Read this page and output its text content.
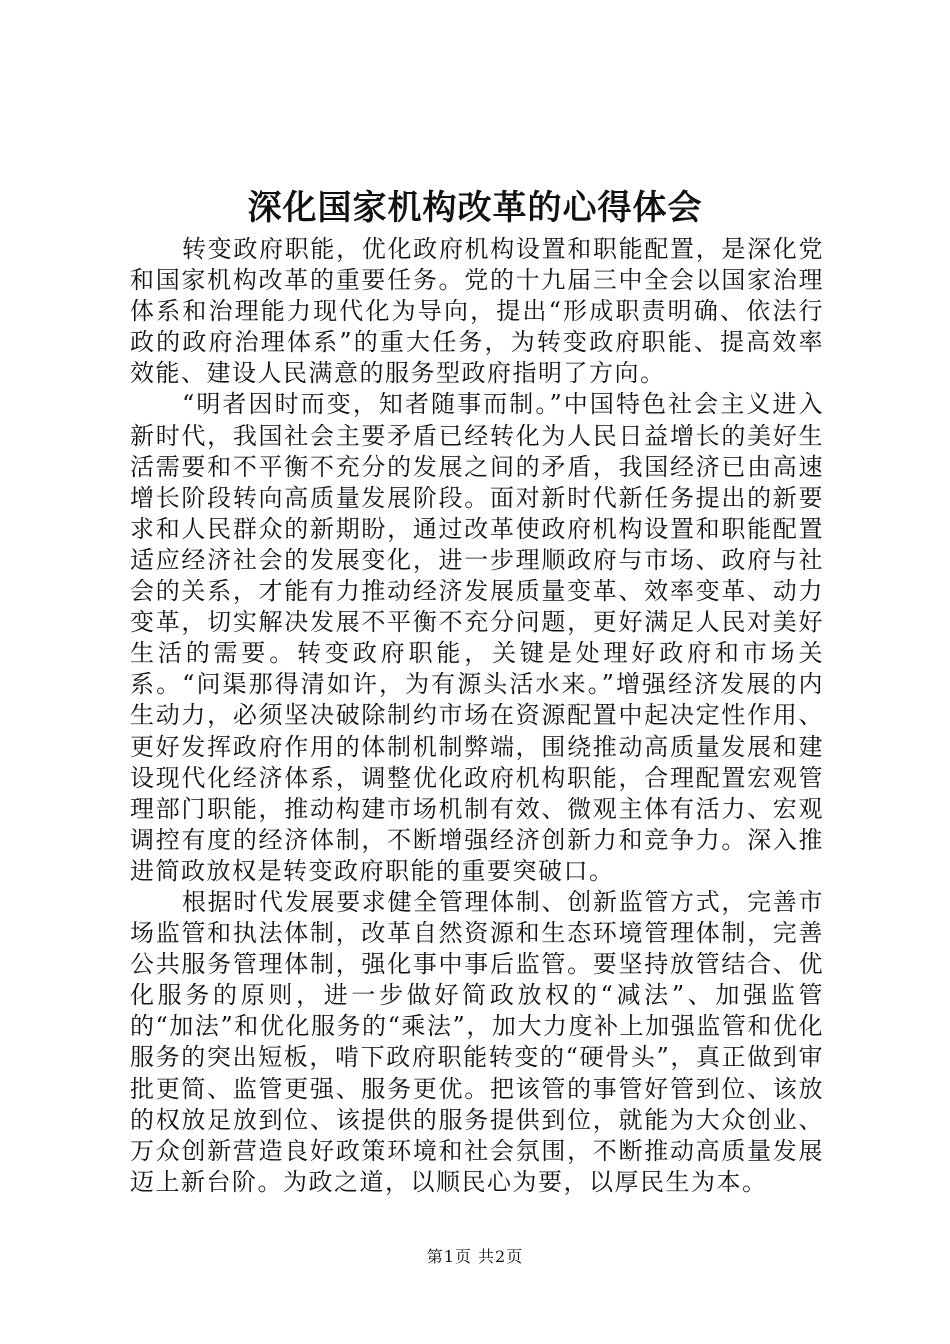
深化国家机构改革的心得体会

转变政府职能，优化政府机构设置和职能配置，是深化党和国家机构改革的重要任务。党的十九届三中全会以国家治理体系和治理能力现代化为导向，提出“形成职责明确、依法行政的政府治理体系”的重大任务，为转变政府职能、提高效率效能、建设人民满意的服务型政府指明了方向。

“明者因时而变，知者随事而制。”中国特色社会主义进入新时代，我国社会主要矛盾已经转化为人民日益增长的美好生活需要和不平衡不充分的发展之间的矛盾，我国经济已由高速增长阶段转向高质量发展阶段。面对新时代新任务提出的新要求和人民群众的新期盼，通过改革使政府机构设置和职能配置适应经济社会的发展变化，进一步理顺政府与市场、政府与社会的关系，才能有力推动经济发展质量变革、效率变革、动力变革，切实解决发展不平衡不充分问题，更好满足人民对美好生活的需要。转变政府职能，关键是处理好政府和市场关系。“问渠那得清如许，为有源头活水来。”增强经济发展的内生动力，必须坚决破除制约市场在资源配置中起决定性作用、更好发挥政府作用的体制机制弊端，围绕推动高质量发展和建设现代化经济体系，调整优化政府机构职能，合理配置宏观管理部门职能，推动构建市场机制有效、微观主体有活力、宏观调控有度的经济体制，不断增强经济创新力和竞争力。深入推进简政放权是转变政府职能的重要突破口。

根据时代发展要求健全管理体制、创新监管方式，完善市场监管和执法体制，改革自然资源和生态环境管理体制，完善公共服务管理体制，强化事中事后监管。要坚持放管结合、优化服务的原则，进一步做好简政放权的“减法”、加强监管的“加法”和优化服务的“乘法”，加大力度补上加强监管和优化服务的突出短板，啃下政府职能转变的“硬骨头”，真正做到审批更简、监管更强、服务更优。把该管的事管好管到位、该放的权放足放到位、该提供的服务提供到位，就能为大众创业、万众创新营造良好政策环境和社会氛围，不断推动高质量发展迈上新台阶。为政之道，以顺民心为要，以厚民生为本。

第1页 共2页
